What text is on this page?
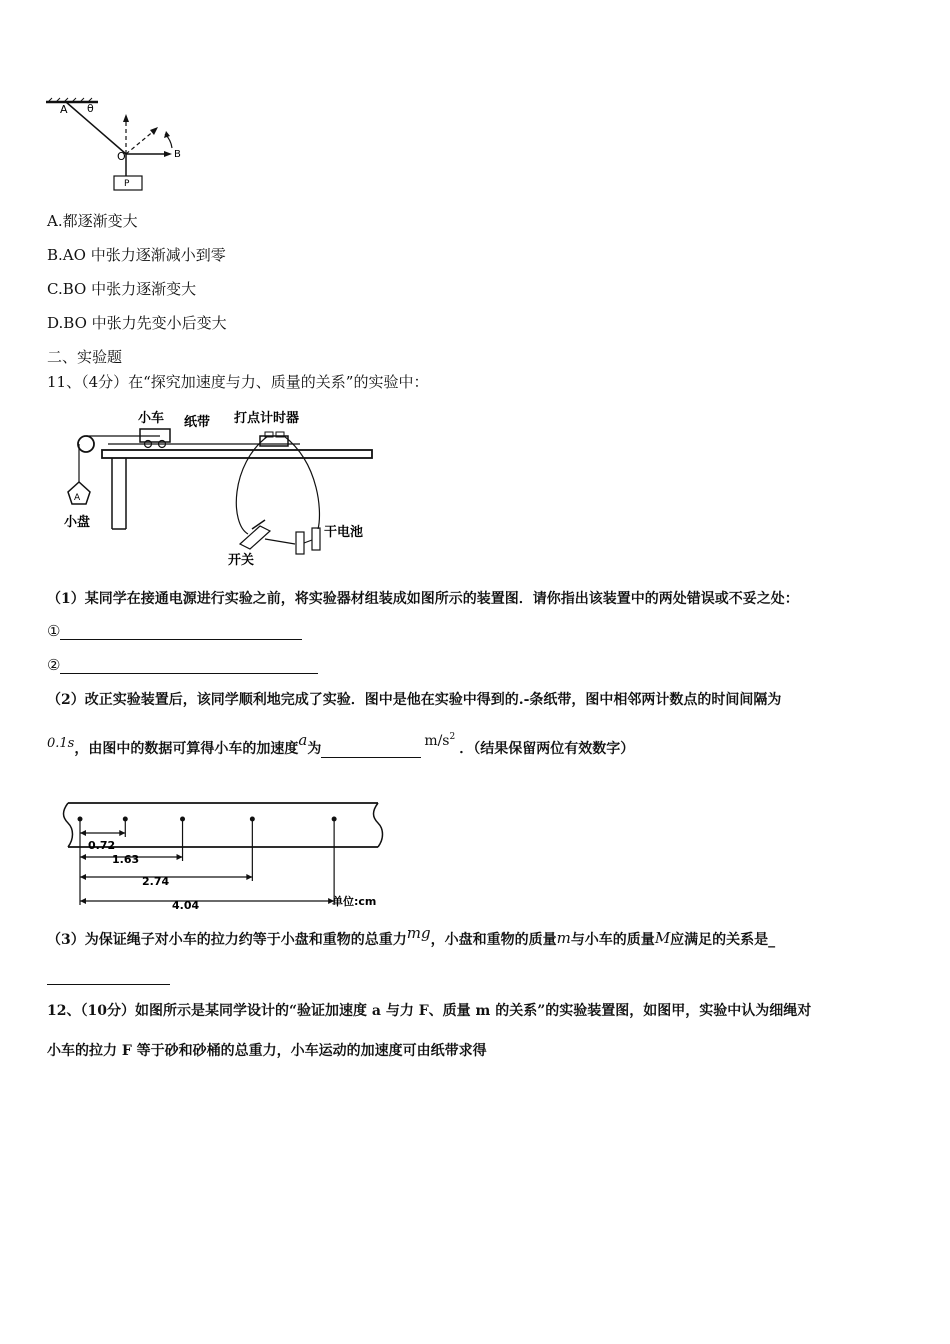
A θ
B
O
P
A.都逐渐变大
B.AO 中张力逐渐减小到零
C.BO 中张力逐渐变大
D.BO 中张力先变小后变大
二、实验题
11、（4分）在“探究加速度与力、质量的关系”的实验中：
A
小车 纸带 打点计时器
小盘
开关
干电池
（1）某同学在接通电源进行实验之前，将实验器材组装成如图所示的装置图．请你指出该装置中的两处错误或不妥之处：
①
②
（2）改正实验装置后，该同学顺利地完成了实验．图中是他在实验中得到的.-条纸带，图中相邻两计数点的时间间隔为
0.1s，由图中的数据可算得小车的加速度a为	$m/s^2$．（结果保留两位有效数字）
0.72
1.63
2.74
4.04	单位:cm
（3）为保证绳子对小车的拉力约等于小盘和重物的总重力mg，小盘和重物的质量m与小车的质量M应满足的关系是_
12、（10分）如图所示是某同学设计的“验证加速度 a 与力 F、质量 m 的关系”的实验装置图，如图甲，实验中认为细绳对
小车的拉力 F 等于砂和砂桶的总重力，小车运动的加速度可由纸带求得
